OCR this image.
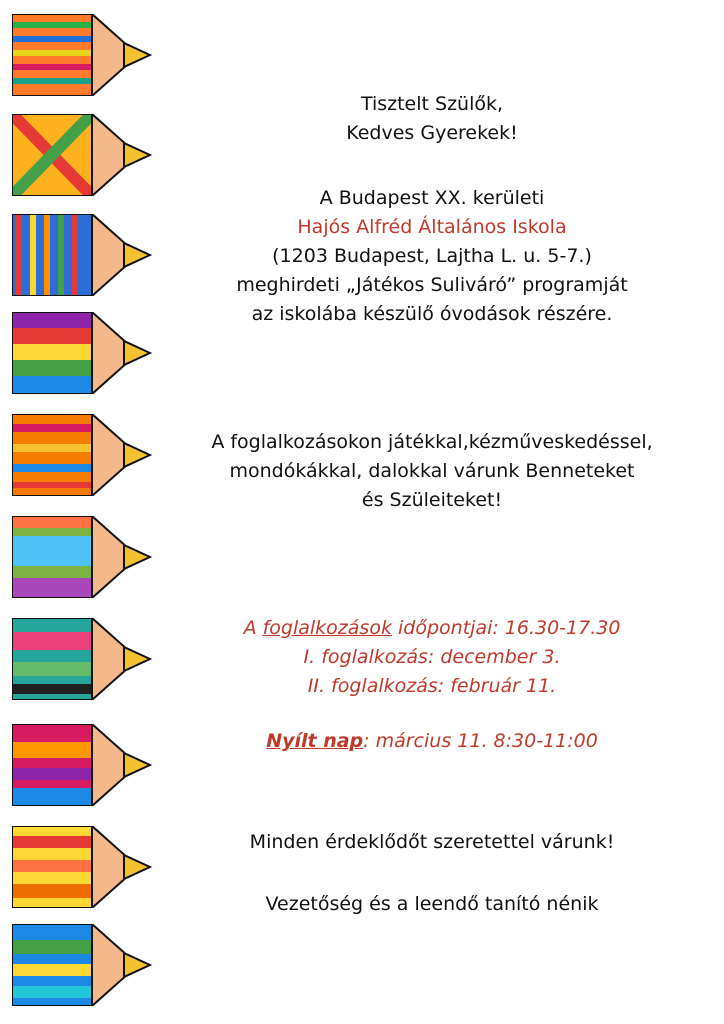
Tisztelt Szülők,
Kedves Gyerekek!
A Budapest XX. kerületi
Hajós Alfréd Általános Iskola
(1203 Budapest, Lajtha L. u. 5-7.)
meghirdeti „Játékos Suliváró” programját
az iskolába készülő óvodások részére.
A foglalkozásokon játékkal,kézműveskedéssel,
mondókákkal, dalokkal várunk Benneteket
és Szüleiteket!
A foglalkozások időpontjai: 16.30-17.30
I. foglalkozás: december 3.
II. foglalkozás: február 11.
Nyílt nap: március 11. 8:30-11:00
Minden érdeklődőt szeretettel várunk!
Vezetőség és a leendő tanító nénik
